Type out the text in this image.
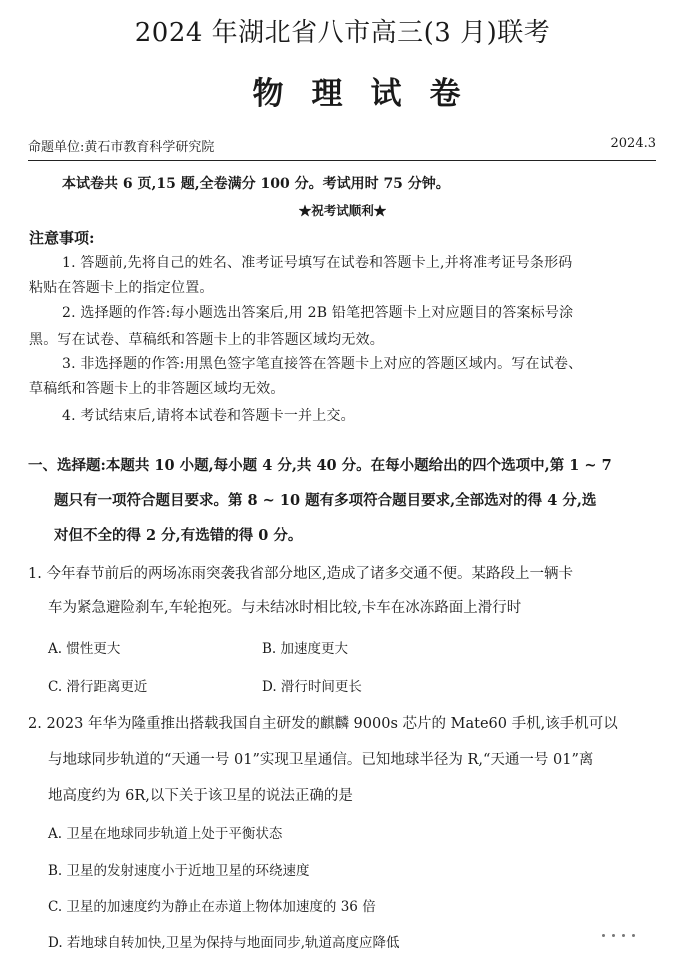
2024 年湖北省八市高三(3 月)联考
物理试卷
命题单位:黄石市教育科学研究院	2024.3
本试卷共 6 页,15 题,全卷满分 100 分。考试用时 75 分钟。
★祝考试顺利★
注意事项:
1. 答题前,先将自己的姓名、准考证号填写在试卷和答题卡上,并将准考证号条形码
粘贴在答题卡上的指定位置。
2. 选择题的作答:每小题选出答案后,用 2B 铅笔把答题卡上对应题目的答案标号涂
黑。写在试卷、草稿纸和答题卡上的非答题区域均无效。
3. 非选择题的作答:用黑色签字笔直接答在答题卡上对应的答题区域内。写在试卷、
草稿纸和答题卡上的非答题区域均无效。
4. 考试结束后,请将本试卷和答题卡一并上交。
一、选择题:本题共 10 小题,每小题 4 分,共 40 分。在每小题给出的四个选项中,第 1 ~ 7
题只有一项符合题目要求。第 8 ~ 10 题有多项符合题目要求,全部选对的得 4 分,选
对但不全的得 2 分,有选错的得 0 分。
1. 今年春节前后的两场冻雨突袭我省部分地区,造成了诸多交通不便。某路段上一辆卡
车为紧急避险刹车,车轮抱死。与未结冰时相比较,卡车在冰冻路面上滑行时
A. 惯性更大	B. 加速度更大
C. 滑行距离更近	D. 滑行时间更长
2. 2023 年华为隆重推出搭载我国自主研发的麒麟 9000s 芯片的 Mate60 手机,该手机可以
与地球同步轨道的“天通一号 01”实现卫星通信。已知地球半径为 R,“天通一号 01”离
地高度约为 6R,以下关于该卫星的说法正确的是
A. 卫星在地球同步轨道上处于平衡状态
B. 卫星的发射速度小于近地卫星的环绕速度
C. 卫星的加速度约为静止在赤道上物体加速度的 36 倍
D. 若地球自转加快,卫星为保持与地面同步,轨道高度应降低
